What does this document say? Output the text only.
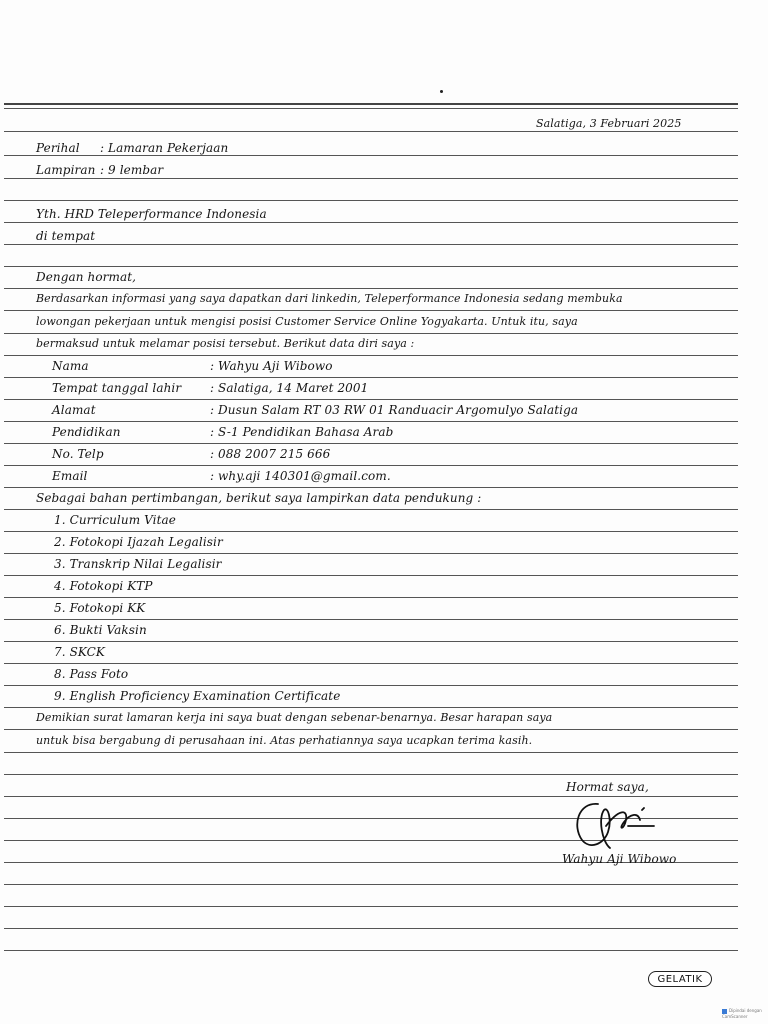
Salatiga, 3 Februari 2025
Perihal : Lamaran Pekerjaan
Lampiran : 9 lembar
Yth. HRD Teleperformance Indonesia
di tempat
Dengan hormat,
Berdasarkan informasi yang saya dapatkan dari linkedin, Teleperformance Indonesia sedang membuka
lowongan pekerjaan untuk mengisi posisi Customer Service Online Yogyakarta. Untuk itu, saya
bermaksud untuk melamar posisi tersebut. Berikut data diri saya :
Nama	: Wahyu Aji Wibowo
Tempat tanggal lahir : Salatiga, 14 Maret 2001
Alamat	: Dusun Salam RT 03 RW 01 Randuacir Argomulyo Salatiga
Pendidikan	: S-1 Pendidikan Bahasa Arab
No. Telp	: 088 2007 215 666
Email	: why.aji 140301@gmail.com.
Sebagai bahan pertimbangan, berikut saya lampirkan data pendukung :
1. Curriculum Vitae
2. Fotokopi Ijazah Legalisir
3. Transkrip Nilai Legalisir
4. Fotokopi KTP
5. Fotokopi KK
6. Bukti Vaksin
7. SKCK
8. Pass Foto
9. English Proficiency Examination Certificate
Demikian surat lamaran kerja ini saya buat dengan sebenar-benarnya. Besar harapan saya
untuk bisa bergabung di perusahaan ini. Atas perhatiannya saya ucapkan terima kasih.
Hormat saya,
Wahyu Aji Wibowo
GELATIK
Dipindai dengan CamScanner
